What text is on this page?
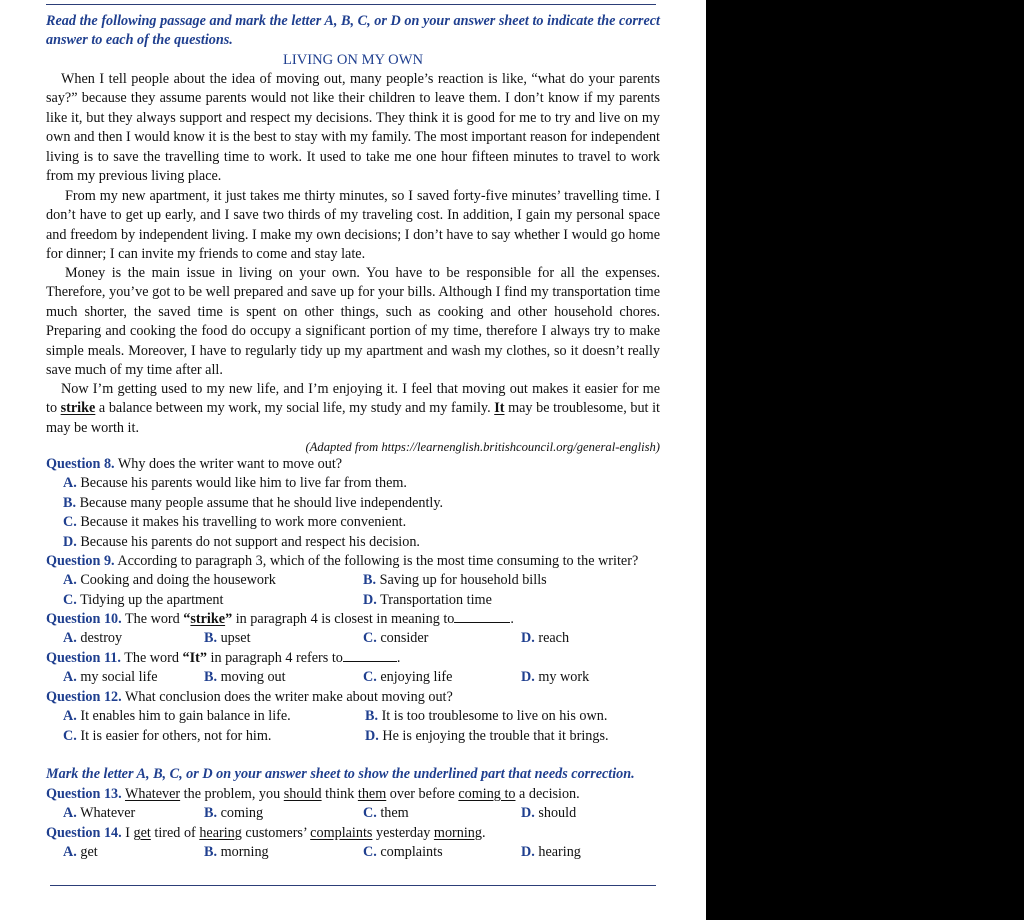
Read the following passage and mark the letter A, B, C, or D on your answer sheet to indicate the correct answer to each of the questions.
LIVING ON MY OWN
When I tell people about the idea of moving out, many people’s reaction is like, “what do your parents say?” because they assume parents would not like their children to leave them. I don’t know if my parents like it, but they always support and respect my decisions. They think it is good for me to try and live on my own and then I would know it is the best to stay with my family. The most important reason for independent living is to save the travelling time to work. It used to take me one hour fifteen minutes to travel to work from my previous living place.
From my new apartment, it just takes me thirty minutes, so I saved forty-five minutes’ travelling time. I don’t have to get up early, and I save two thirds of my traveling cost. In addition, I gain my personal space and freedom by independent living. I make my own decisions; I don’t have to say whether I would go home for dinner; I can invite my friends to come and stay late.
Money is the main issue in living on your own. You have to be responsible for all the expenses. Therefore, you’ve got to be well prepared and save up for your bills. Although I find my transportation time much shorter, the saved time is spent on other things, such as cooking and other household chores. Preparing and cooking the food do occupy a significant portion of my time, therefore I always try to make simple meals. Moreover, I have to regularly tidy up my apartment and wash my clothes, so it doesn’t really save much of my time after all.
Now I’m getting used to my new life, and I’m enjoying it. I feel that moving out makes it easier for me to strike a balance between my work, my social life, my study and my family. It may be troublesome, but it may be worth it.
(Adapted from https://learnenglish.britishcouncil.org/general-english)
Question 8. Why does the writer want to move out?
A. Because his parents would like him to live far from them.
B. Because many people assume that he should live independently.
C. Because it makes his travelling to work more convenient.
D. Because his parents do not support and respect his decision.
Question 9. According to paragraph 3, which of the following is the most time consuming to the writer?
A. Cooking and doing the housework	B. Saving up for household bills
C. Tidying up the apartment	D. Transportation time
Question 10. The word “strike” in paragraph 4 is closest in meaning to	.
A. destroy	B. upset	C. consider	D. reach
Question 11. The word “It” in paragraph 4 refers to	.
A. my social life	B. moving out	C. enjoying life	D. my work
Question 12. What conclusion does the writer make about moving out?
A. It enables him to gain balance in life.	B. It is too troublesome to live on his own.
C. It is easier for others, not for him.	D. He is enjoying the trouble that it brings.
Mark the letter A, B, C, or D on your answer sheet to show the underlined part that needs correction.
Question 13. Whatever the problem, you should think them over before coming to a decision.
A. Whatever	B. coming	C. them	D. should
Question 14. I get tired of hearing customers’ complaints yesterday morning.
A. get	B. morning	C. complaints	D. hearing
